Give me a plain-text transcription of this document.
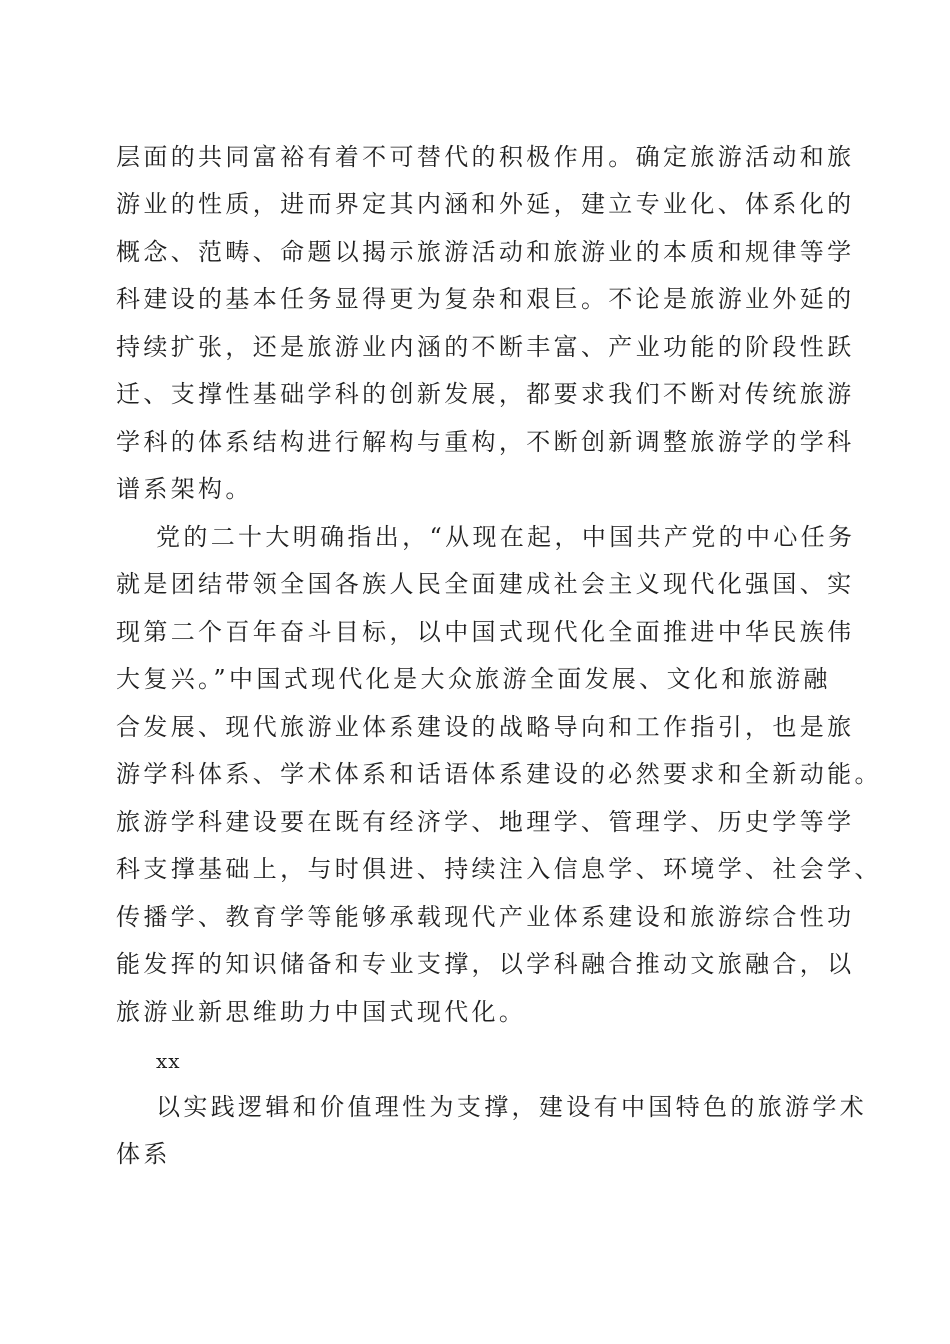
层面的共同富裕有着不可替代的积极作用。确定旅游活动和旅
游业的性质，进而界定其内涵和外延，建立专业化、体系化的
概念、范畴、命题以揭示旅游活动和旅游业的本质和规律等学
科建设的基本任务显得更为复杂和艰巨。不论是旅游业外延的
持续扩张，还是旅游业内涵的不断丰富、产业功能的阶段性跃
迁、支撑性基础学科的创新发展，都要求我们不断对传统旅游
学科的体系结构进行解构与重构，不断创新调整旅游学的学科
谱系架构。
党的二十大明确指出，“从现在起，中国共产党的中心任务
就是团结带领全国各族人民全面建成社会主义现代化强国、实
现第二个百年奋斗目标，以中国式现代化全面推进中华民族伟
大复兴。”中国式现代化是大众旅游全面发展、文化和旅游融
合发展、现代旅游业体系建设的战略导向和工作指引，也是旅
游学科体系、学术体系和话语体系建设的必然要求和全新动能。
旅游学科建设要在既有经济学、地理学、管理学、历史学等学
科支撑基础上，与时俱进、持续注入信息学、环境学、社会学、
传播学、教育学等能够承载现代产业体系建设和旅游综合性功
能发挥的知识储备和专业支撑，以学科融合推动文旅融合，以
旅游业新思维助力中国式现代化。
xx
以实践逻辑和价值理性为支撑，建设有中国特色的旅游学术
体系
